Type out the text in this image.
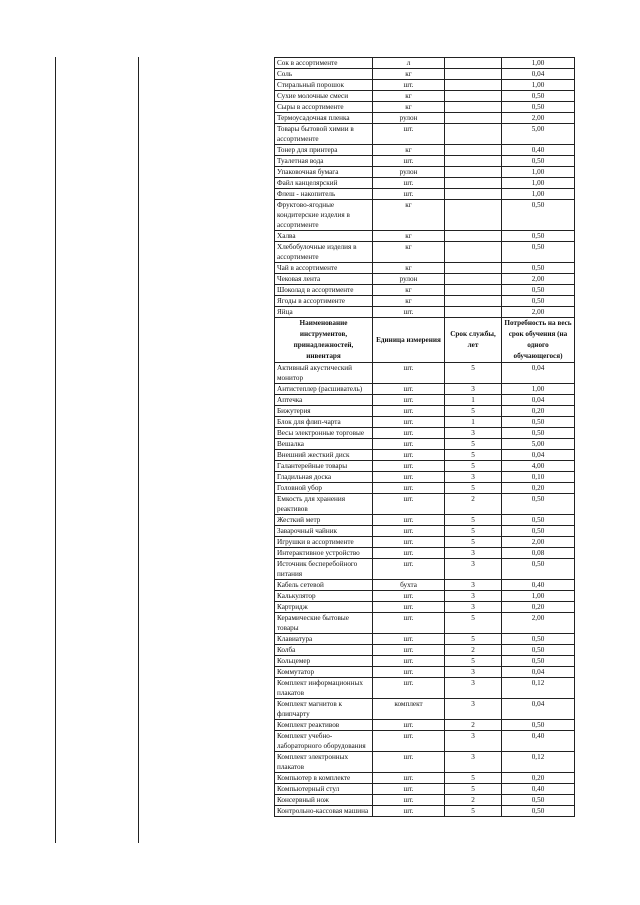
Сок в ассортименте	л		1,00
Соль	кг		0,04
Стиральный порошок	шт.		1,00
Сухие молочные смеси	кг		0,50
Сыры в ассортименте	кг		0,50
Термоусадочная пленка	рулон		2,00
Товары бытовой химии в ассортименте	шт.		5,00
Тонер для принтера	кг		0,40
Туалетная вода	шт.		0,50
Упаковочная бумага	рулон		1,00
Файл канцелярский	шт.		1,00
Флеш - накопитель	шт.		1,00
Фруктово-ягодные кондитерские изделия в ассортименте	кг		0,50
Халва	кг		0,50
Хлебобулочные изделия в ассортименте	кг		0,50
Чай в ассортименте	кг		0,50
Чековая лента	рулон		2,00
Шоколад в ассортименте	кг		0,50
Ягоды в ассортименте	кг		0,50
Яйца	шт.		2,00
Наименование инструментов, принадлежностей, инвентаря	Единица измерения	Срок службы, лет	Потребность на весь срок обучения (на одного обучающегося)
Активный акустический монитор	шт.	5	0,04
Антистеплер (расшиватель)	шт.	3	1,00
Аптечка	шт.	1	0,04
Бижутерия	шт.	5	0,20
Блок для флип-чарта	шт.	1	0,50
Весы электронные торговые	шт.	3	0,50
Вешалка	шт.	5	5,00
Внешний жесткий диск	шт.	5	0,04
Галантерейные товары	шт.	5	4,00
Гладильная доска	шт.	3	0,10
Головной убор	шт.	5	0,20
Емкость для хранения реактивов	шт.	2	0,50
Жесткий метр	шт.	5	0,50
Заварочный чайник	шт.	5	0,50
Игрушки в ассортименте	шт.	5	2,00
Интерактивное устройство	шт.	3	0,08
Источник бесперебойного питания	шт.	3	0,50
Кабель сетевой	бухта	3	0,40
Калькулятор	шт.	3	1,00
Картридж	шт.	3	0,20
Керамические бытовые товары	шт.	5	2,00
Клавиатура	шт.	5	0,50
Колба	шт.	2	0,50
Кольцемер	шт.	5	0,50
Коммутатор	шт.	3	0,04
Комплект информационных плакатов	шт.	3	0,12
Комплект магнитов к флипчарту	комплект	3	0,04
Комплект реактивов	шт.	2	0,50
Комплект учебно-лабораторного оборудования	шт.	3	0,40
Комплект электронных плакатов	шт.	3	0,12
Компьютер в комплекте	шт.	5	0,20
Компьютерный стул	шт.	5	0,40
Консервный нож	шт.	2	0,50
Контрольно-кассовая машина	шт.	5	0,50
